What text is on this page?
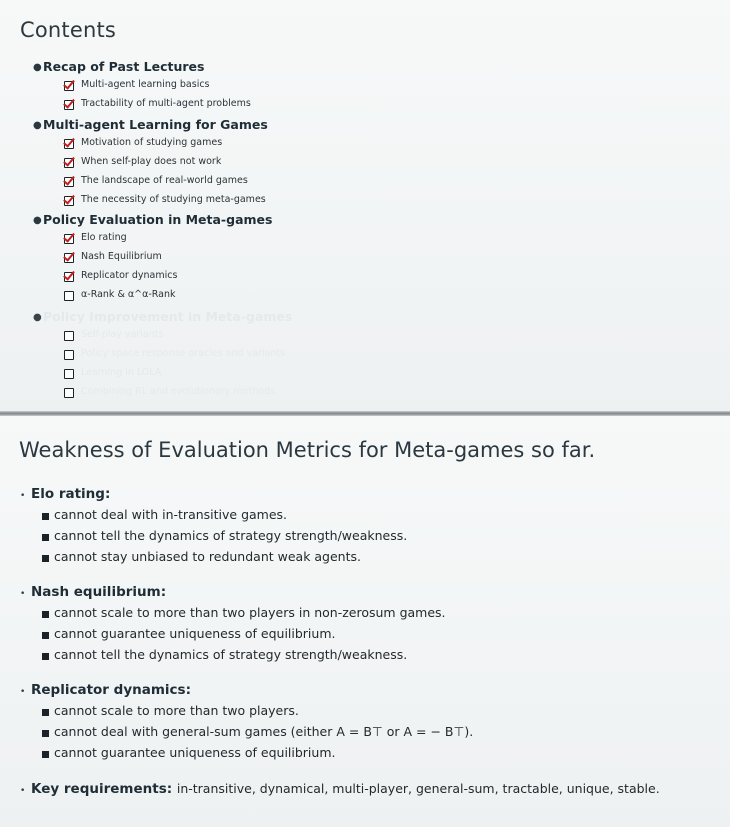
Contents
● Recap of Past Lectures
Multi-agent learning basics
Tractability of multi-agent problems
● Multi-agent Learning for Games
Motivation of studying games
When self-play does not work
The landscape of real-world games
The necessity of studying meta-games
● Policy Evaluation in Meta-games
Elo rating
Nash Equilibrium
Replicator dynamics
α-Rank & α^α-Rank
● Policy Improvement in Meta-games
Self-play variants
Policy space response oracles and variants
Learning in LOLA
Combining RL and evolutionary methods
Weakness of Evaluation Metrics for Meta-games so far.
• Elo rating:
cannot deal with in-transitive games.
cannot tell the dynamics of strategy strength/weakness.
cannot stay unbiased to redundant weak agents.
• Nash equilibrium:
cannot scale to more than two players in non-zerosum games.
cannot guarantee uniqueness of equilibrium.
cannot tell the dynamics of strategy strength/weakness.
• Replicator dynamics:
cannot scale to more than two players.
cannot deal with general-sum games (either A = B⊤ or A = − B⊤).
cannot guarantee uniqueness of equilibrium.
• Key requirements: in-transitive, dynamical, multi-player, general-sum, tractable, unique, stable.
